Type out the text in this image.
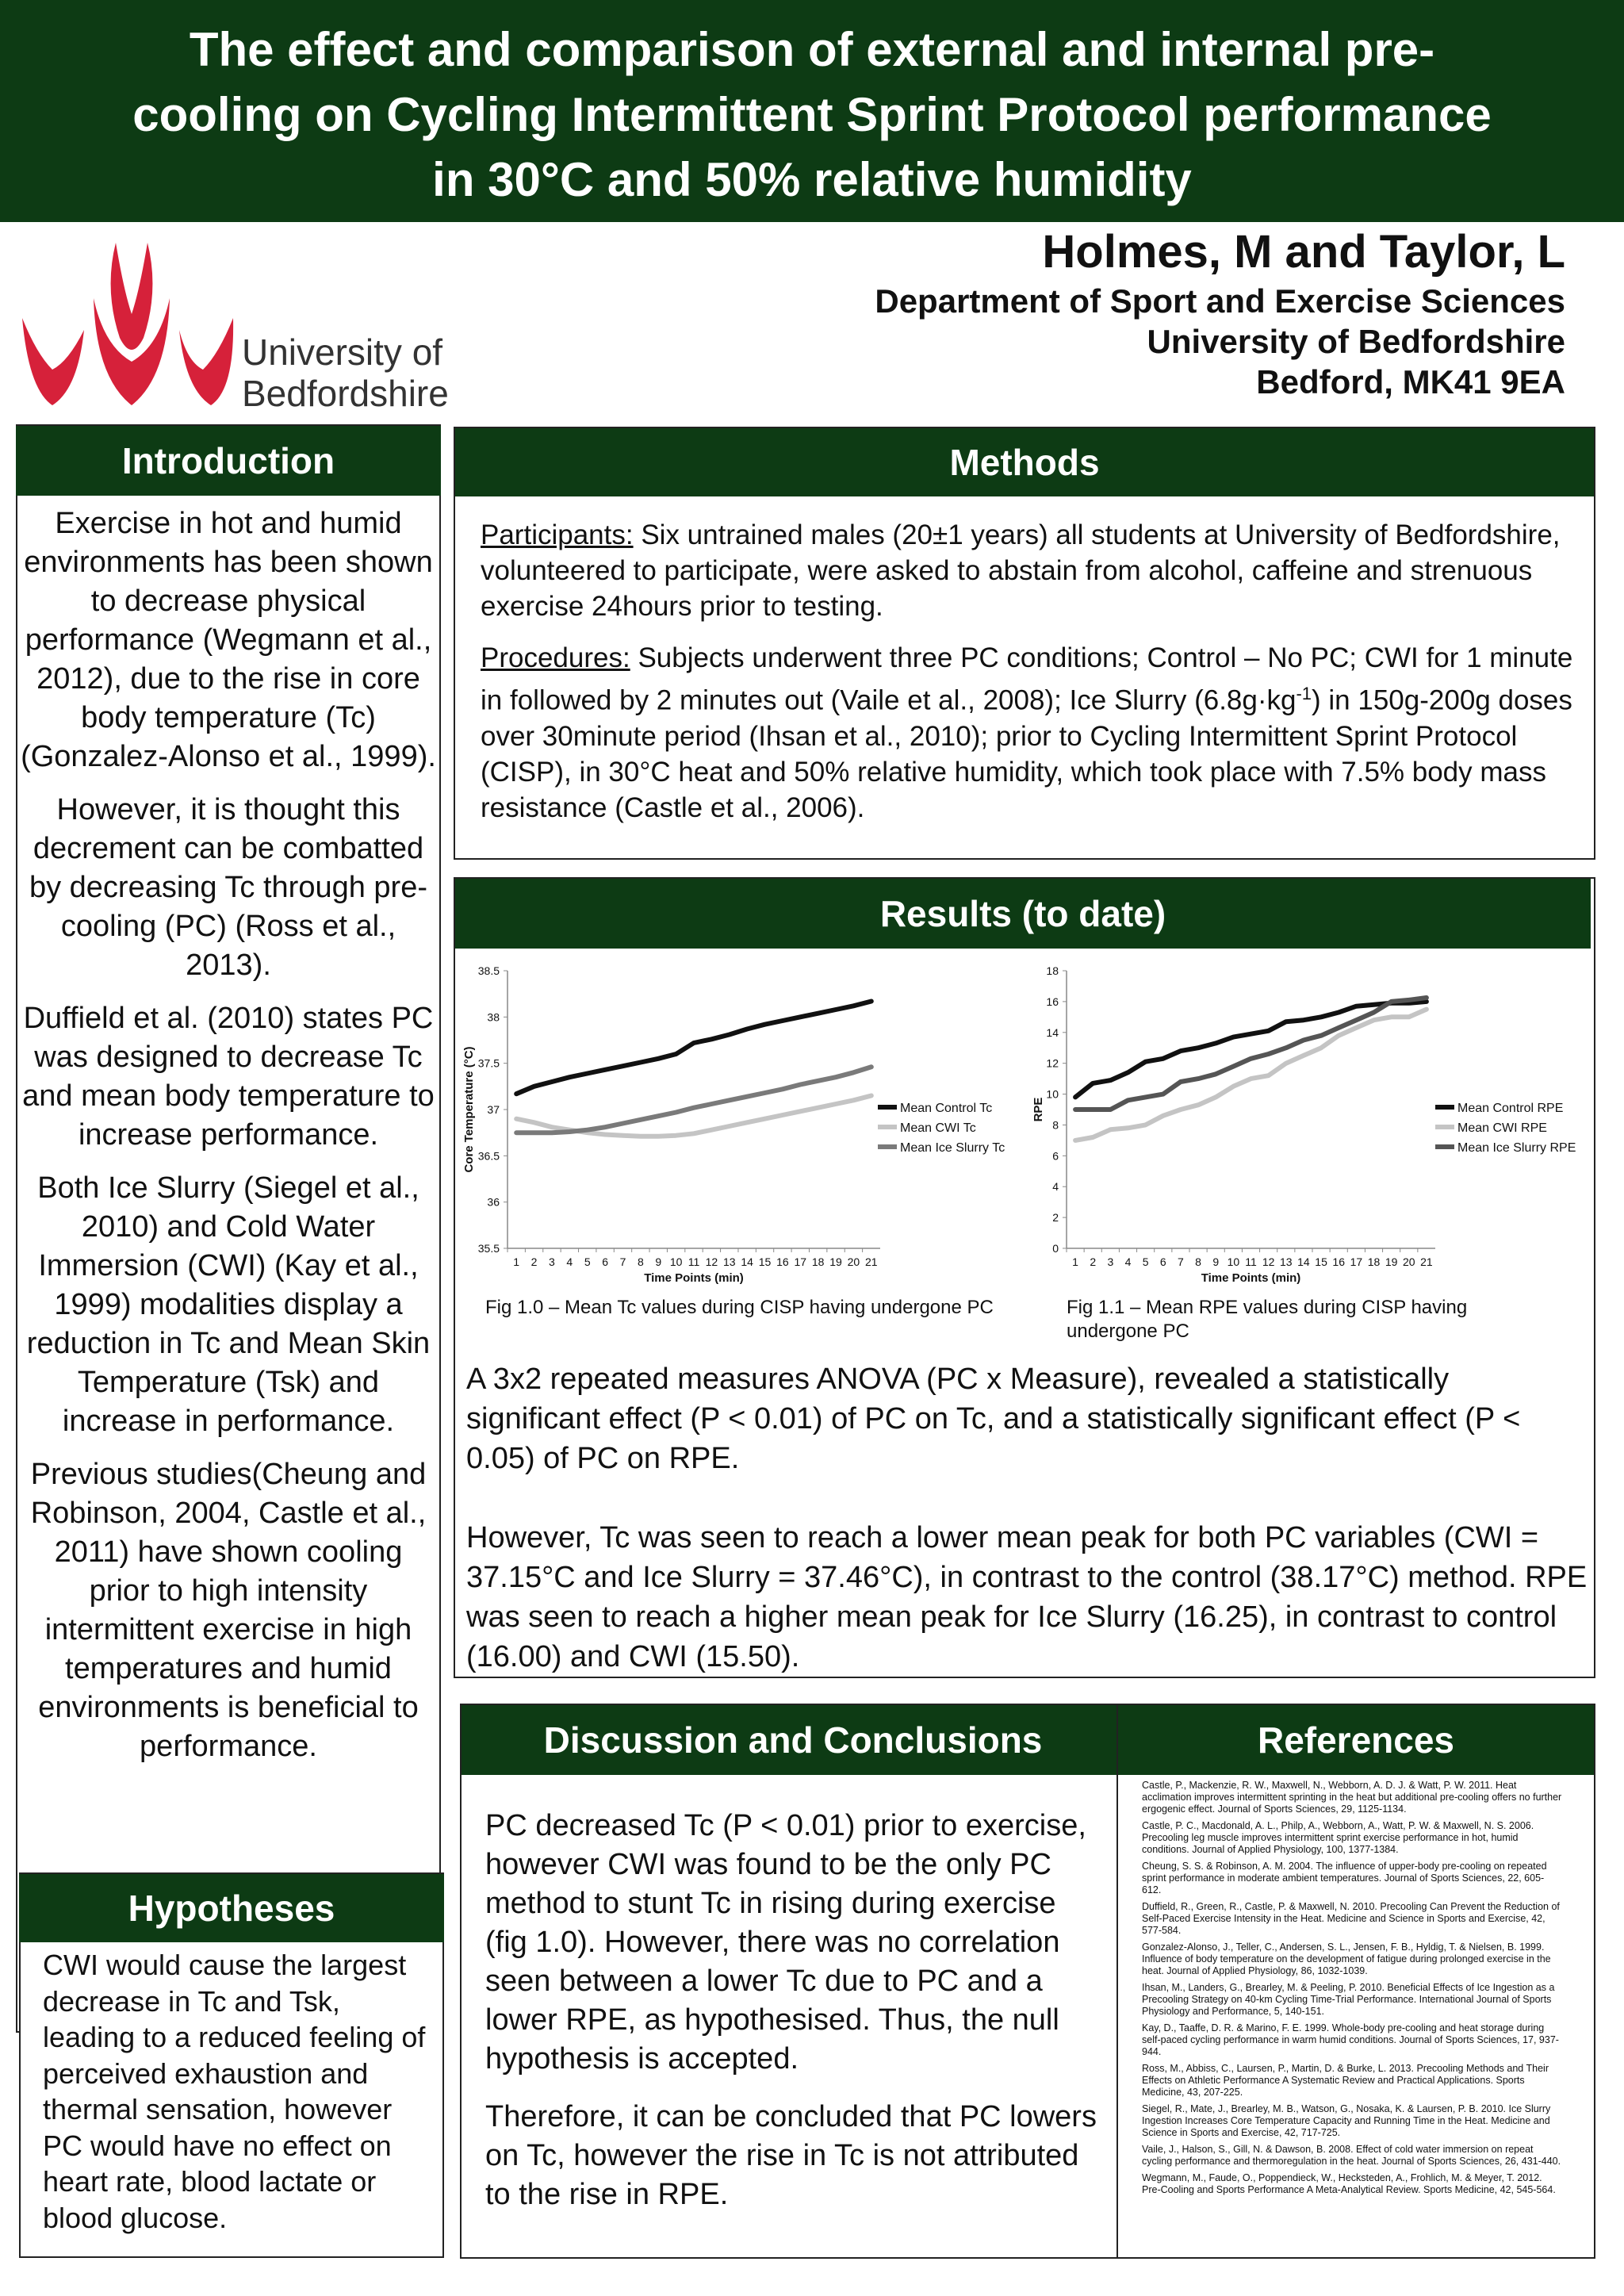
The effect and comparison of external and internal pre-
cooling on Cycling Intermittent Sprint Protocol performance
in 30°C and 50% relative humidity
Holmes, M and Taylor, L
Department of Sport and Exercise Sciences
University of Bedfordshire
Bedford, MK41 9EA
University of
Bedfordshire
Introduction

Exercise in hot and humid environments has been shown to decrease physical performance (Wegmann et al., 2012), due to the rise in core body temperature (Tc) (Gonzalez-Alonso et al., 1999).

However, it is thought this decrement can be combatted by decreasing Tc through pre-cooling (PC) (Ross et al., 2013).

Duffield et al. (2010) states PC was designed to decrease Tc and mean body temperature to increase performance.

Both Ice Slurry (Siegel et al., 2010) and Cold Water Immersion (CWI) (Kay et al., 1999) modalities display a reduction in Tc and Mean Skin Temperature (Tsk) and increase in performance.

Previous studies(Cheung and Robinson, 2004, Castle et al., 2011) have shown cooling prior to high intensity intermittent exercise in high temperatures and humid environments is beneficial to performance.

Hypotheses
CWI would cause the largest decrease in Tc and Tsk, leading to a reduced feeling of perceived exhaustion and thermal sensation, however PC would have no effect on heart rate, blood lactate or blood glucose.
Methods

Participants: Six untrained males (20±1 years) all students at University of Bedfordshire, volunteered to participate, were asked to abstain from alcohol, caffeine and strenuous exercise 24hours prior to testing.

Procedures: Subjects underwent three PC conditions; Control – No PC; CWI for 1 minute in followed by 2 minutes out (Vaile et al., 2008); Ice Slurry $(6.8g\cdot kg^{-1})$ in 150g-200g doses over 30minute period (Ihsan et al., 2010); prior to Cycling Intermittent Sprint Protocol (CISP), in 30°C heat and 50% relative humidity, which took place with 7.5% body mass resistance (Castle et al., 2006).

Results (to date)
35.5
36
36.5
37
37.5
38
38.5
1 2 3 4 5 6 7 8 9 10 11 12 13 14 15 16 17 18 19 20 21
Time Points (min)
Core Temperature (°C)	Mean Control Tc
Mean CWI Tc
Mean Ice Slurry Tc
0
2
4
6
8
10
12
14
16
18
1 2 3 4 5 6 7 8 9 10 11 12 13 14 15 16 17 18 19 20 21
Time Points (min)
RPE	Mean Control RPE
Mean CWI RPE
Mean Ice Slurry RPE
Fig 1.0 – Mean Tc values during CISP having undergone PC	Fig 1.1 – Mean RPE values during CISP having undergone PC

A 3x2 repeated measures ANOVA (PC x Measure), revealed a statistically significant effect (P < 0.01) of PC on Tc, and a statistically significant effect (P < 0.05) of PC on RPE.

However, Tc was seen to reach a lower mean peak for both PC variables (CWI = 37.15°C and Ice Slurry = 37.46°C), in contrast to the control (38.17°C) method. RPE was seen to reach a higher mean peak for Ice Slurry (16.25), in contrast to control (16.00) and CWI (15.50).

Discussion and Conclusions

PC decreased Tc (P < 0.01) prior to exercise, however CWI was found to be the only PC method to stunt Tc in rising during exercise (fig 1.0). However, there was no correlation seen between a lower Tc due to PC and a lower RPE, as hypothesised. Thus, the null hypothesis is accepted.

Therefore, it can be concluded that PC lowers on Tc, however the rise in Tc is not attributed to the rise in RPE.

References

Castle, P., Mackenzie, R. W., Maxwell, N., Webborn, A. D. J. & Watt, P. W. 2011. Heat acclimation improves intermittent sprinting in the heat but additional pre-cooling offers no further ergogenic effect. Journal of Sports Sciences, 29, 1125-1134.

Castle, P. C., Macdonald, A. L., Philp, A., Webborn, A., Watt, P. W. & Maxwell, N. S. 2006. Precooling leg muscle improves intermittent sprint exercise performance in hot, humid conditions. Journal of Applied Physiology, 100, 1377-1384.

Cheung, S. S. & Robinson, A. M. 2004. The influence of upper-body pre-cooling on repeated sprint performance in moderate ambient temperatures. Journal of Sports Sciences, 22, 605-612.

Duffield, R., Green, R., Castle, P. & Maxwell, N. 2010. Precooling Can Prevent the Reduction of Self-Paced Exercise Intensity in the Heat. Medicine and Science in Sports and Exercise, 42, 577-584.

Gonzalez-Alonso, J., Teller, C., Andersen, S. L., Jensen, F. B., Hyldig, T. & Nielsen, B. 1999. Influence of body temperature on the development of fatigue during prolonged exercise in the heat. Journal of Applied Physiology, 86, 1032-1039.

Ihsan, M., Landers, G., Brearley, M. & Peeling, P. 2010. Beneficial Effects of Ice Ingestion as a Precooling Strategy on 40-km Cycling Time-Trial Performance. International Journal of Sports Physiology and Performance, 5, 140-151.

Kay, D., Taaffe, D. R. & Marino, F. E. 1999. Whole-body pre-cooling and heat storage during self-paced cycling performance in warm humid conditions. Journal of Sports Sciences, 17, 937-944.

Ross, M., Abbiss, C., Laursen, P., Martin, D. & Burke, L. 2013. Precooling Methods and Their Effects on Athletic Performance A Systematic Review and Practical Applications. Sports Medicine, 43, 207-225.

Siegel, R., Mate, J., Brearley, M. B., Watson, G., Nosaka, K. & Laursen, P. B. 2010. Ice Slurry Ingestion Increases Core Temperature Capacity and Running Time in the Heat. Medicine and Science in Sports and Exercise, 42, 717-725.

Vaile, J., Halson, S., Gill, N. & Dawson, B. 2008. Effect of cold water immersion on repeat cycling performance and thermoregulation in the heat. Journal of Sports Sciences, 26, 431-440.

Wegmann, M., Faude, O., Poppendieck, W., Hecksteden, A., Frohlich, M. & Meyer, T. 2012. Pre-Cooling and Sports Performance A Meta-Analytical Review. Sports Medicine, 42, 545-564.
